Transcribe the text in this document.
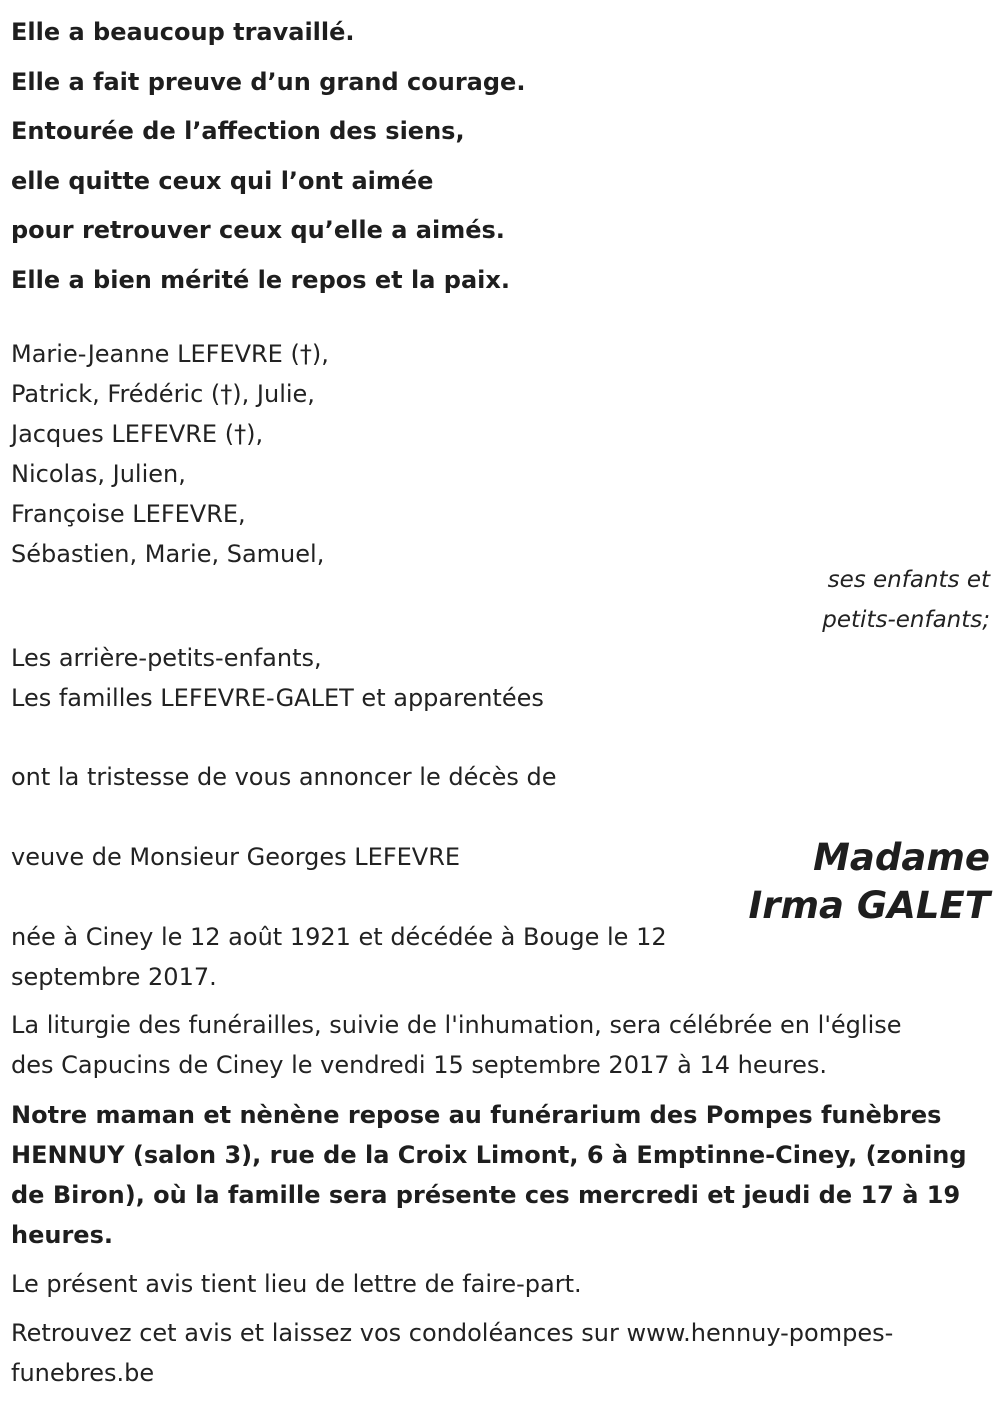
Elle a beaucoup travaillé.
Elle a fait preuve d’un grand courage.
Entourée de l’affection des siens,
elle quitte ceux qui l’ont aimée
pour retrouver ceux qu’elle a aimés.
Elle a bien mérité le repos et la paix.
Marie-Jeanne LEFEVRE (†),
Patrick, Frédéric (†), Julie,
Jacques LEFEVRE (†),
Nicolas, Julien,
Françoise LEFEVRE,
Sébastien, Marie, Samuel,
ses enfants et
petits-enfants;
Les arrière-petits-enfants,
Les familles LEFEVRE-GALET et apparentées
ont la tristesse de vous annoncer le décès de
veuve de Monsieur Georges LEFEVRE	Madame
Irma GALET
née à Ciney le 12 août 1921 et décédée à Bouge le 12 septembre 2017.
La liturgie des funérailles, suivie de l'inhumation, sera célébrée en l'église
des Capucins de Ciney le vendredi 15 septembre 2017 à 14 heures.
Notre maman et nènène repose au funérarium des Pompes funèbres
HENNUY (salon 3), rue de la Croix Limont, 6 à Emptinne-Ciney, (zoning
de Biron), où la famille sera présente ces mercredi et jeudi de 17 à 19
heures.
Le présent avis tient lieu de lettre de faire-part.
Retrouvez cet avis et laissez vos condoléances sur www.hennuy-pompes-
funebres.be
